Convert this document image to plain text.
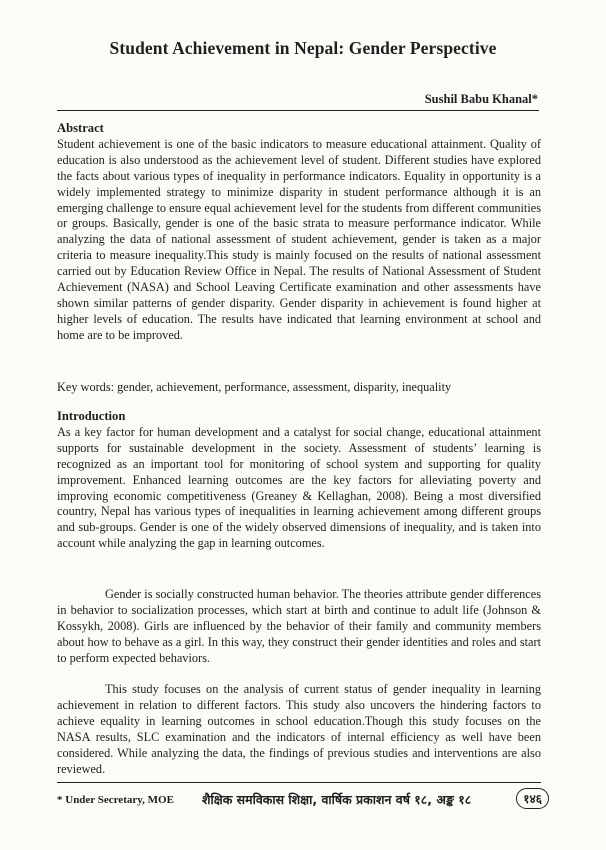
Student Achievement in Nepal: Gender Perspective
Sushil Babu Khanal*
Abstract

Student achievement is one of the basic indicators to measure educational attainment. Quality of education is also understood as the achievement level of student. Different studies have explored the facts about various types of inequality in performance indicators. Equality in opportunity is a widely implemented strategy to minimize disparity in student performance although it is an emerging challenge to ensure equal achievement level for the students from different communities or groups. Basically, gender is one of the basic strata to measure performance indicator. While analyzing the data of national assessment of student achievement, gender is taken as a major criteria to measure inequality.This study is mainly focused on the results of national assessment carried out by Education Review Office in Nepal. The results of National Assessment of Student Achievement (NASA) and School Leaving Certificate examination and other assessments have shown similar patterns of gender disparity. Gender disparity in achievement is found higher at higher levels of education. The results have indicated that learning environment at school and home are to be improved.

Key words: gender, achievement, performance, assessment, disparity, inequality

Introduction

As a key factor for human development and a catalyst for social change, educational attainment supports for sustainable development in the society. Assessment of students’ learning is recognized as an important tool for monitoring of school system and supporting for quality improvement. Enhanced learning outcomes are the key factors for alleviating poverty and improving economic competitiveness (Greaney & Kellaghan, 2008). Being a most diversified country, Nepal has various types of inequalities in learning achievement among different groups and sub-groups. Gender is one of the widely observed dimensions of inequality, and is taken into account while analyzing the gap in learning outcomes.

Gender is socially constructed human behavior. The theories attribute gender differences in behavior to socialization processes, which start at birth and continue to adult life (Johnson & Kossykh, 2008). Girls are influenced by the behavior of their family and community members about how to behave as a girl. In this way, they construct their gender identities and roles and start to perform expected behaviors.

This study focuses on the analysis of current status of gender inequality in learning achievement in relation to different factors. This study also uncovers the hindering factors to achieve equality in learning outcomes in school education.Though this study focuses on the NASA results, SLC examination and the indicators of internal efficiency as well have been considered. While analyzing the data, the findings of previous studies and interventions are also reviewed.

* Under Secretary, MOE शैक्षिक समविकास शिक्षा, वार्षिक प्रकाशन वर्ष १८, अङ्क १८	१४६
